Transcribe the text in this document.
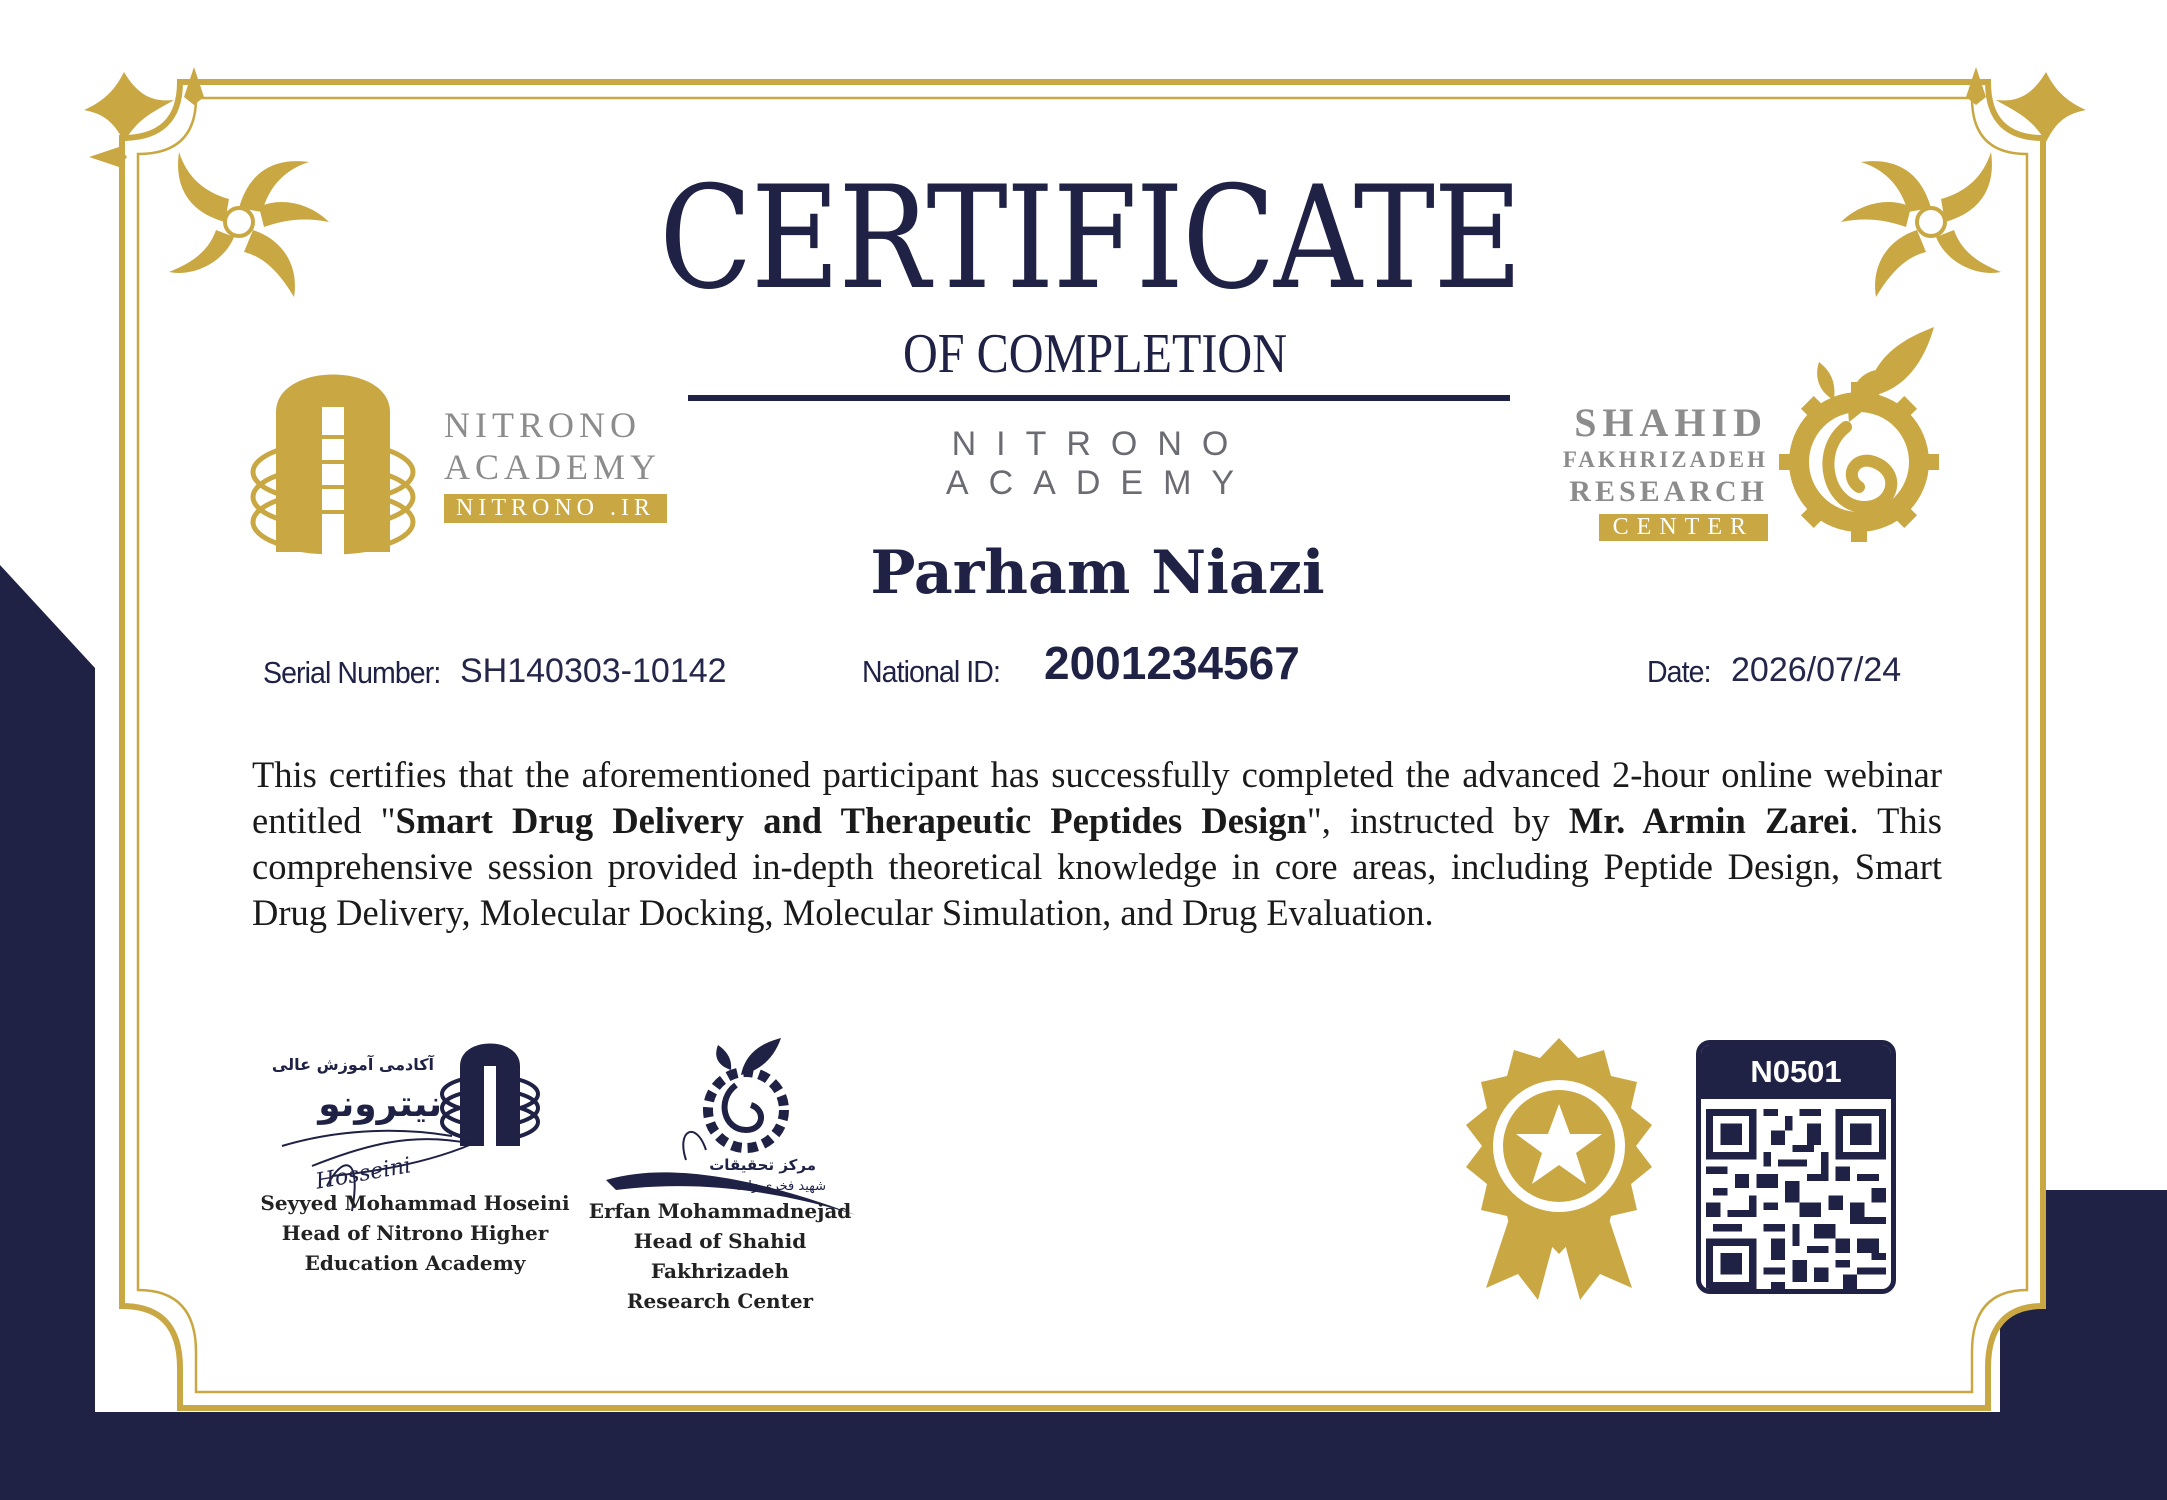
CERTIFICATE
OF COMPLETION
NITRONO ACADEMY
NITRONO
ACADEMY
NITRONO .IR
SHAHID
FAKHRIZADEH
RESEARCH
CENTER
Parham Niazi
Serial Number: SH140303-10142	National ID: 2001234567	Date: 2026/07/24
This certifies that the aforementioned participant has successfully completed the advanced 2-hour online webinar entitled "Smart Drug Delivery and Therapeutic Peptides Design", instructed by Mr. Armin Zarei. This comprehensive session provided in-depth theoretical knowledge in core areas, including Peptide Design, Smart Drug Delivery, Molecular Docking, Molecular Simulation, and Drug Evaluation.
آکادمی آموزش عالی
نیترونو
Hosseini
Seyyed Mohammad Hoseini
Head of Nitrono Higher
Education Academy
مرکز تحقیقات
شهید فخری زاده
Erfan Mohammadnejad
Head of Shahid Fakhrizadeh
Research Center
N0501
